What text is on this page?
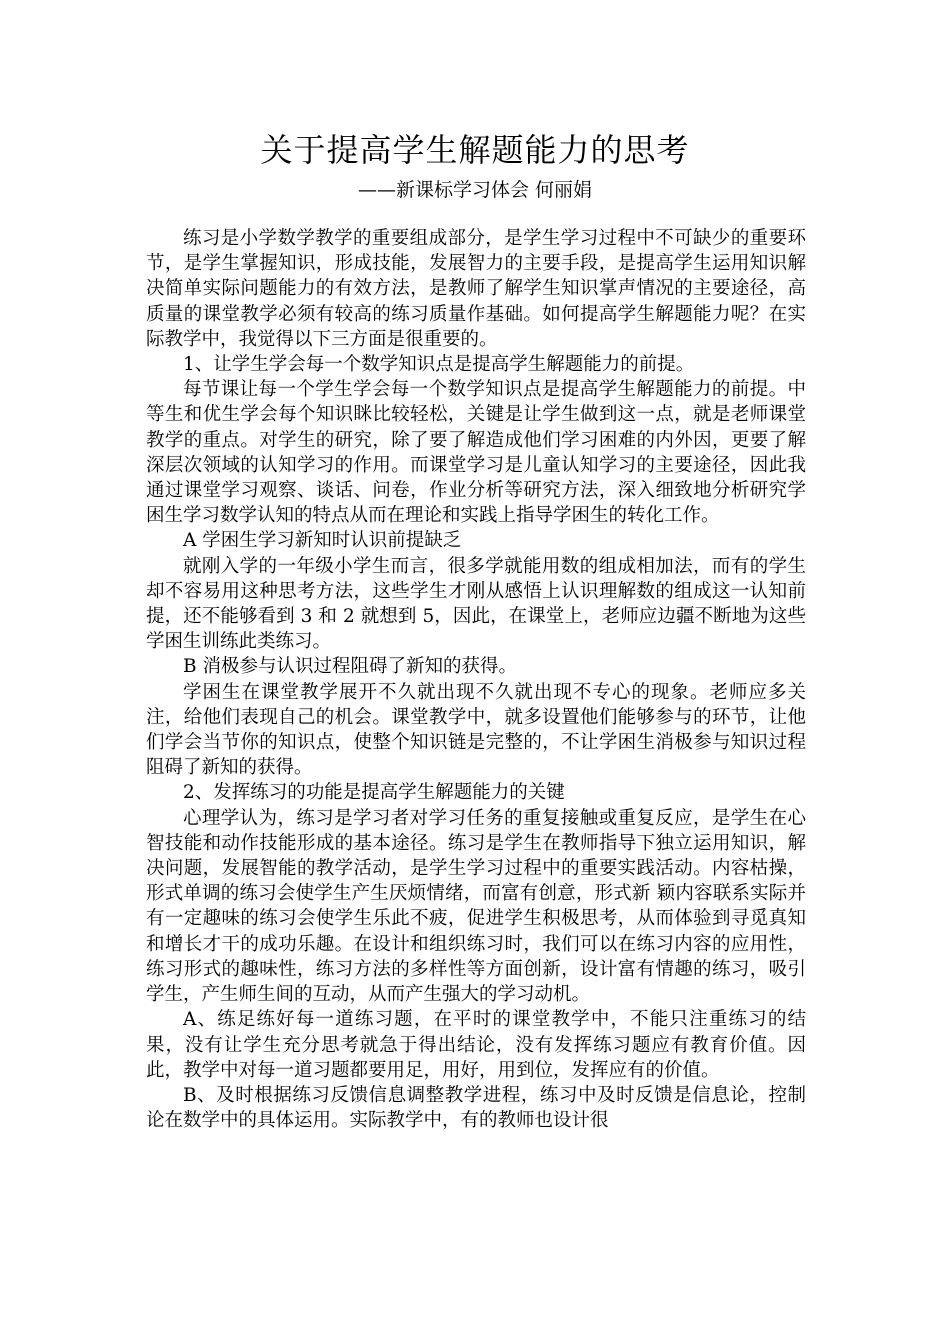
关于提高学生解题能力的思考
——新课标学习体会 何丽娟

练习是小学数学教学的重要组成部分，是学生学习过程中不可缺少的重要环节，是学生掌握知识，形成技能，发展智力的主要手段，是提高学生运用知识解决简单实际问题能力的有效方法，是教师了解学生知识掌声情况的主要途径，高质量的课堂教学必须有较高的练习质量作基础。如何提高学生解题能力呢？在实际教学中，我觉得以下三方面是很重要的。

1、让学生学会每一个数学知识点是提高学生解题能力的前提。

每节课让每一个学生学会每一个数学知识点是提高学生解题能力的前提。中等生和优生学会每个知识眯比较轻松，关键是让学生做到这一点，就是老师课堂教学的重点。对学生的研究，除了要了解造成他们学习困难的内外因，更要了解深层次领域的认知学习的作用。而课堂学习是儿童认知学习的主要途径，因此我通过课堂学习观察、谈话、问卷，作业分析等研究方法，深入细致地分析研究学困生学习数学认知的特点从而在理论和实践上指导学困生的转化工作。

A 学困生学习新知时认识前提缺乏

就刚入学的一年级小学生而言，很多学就能用数的组成相加法，而有的学生却不容易用这种思考方法，这些学生才刚从感悟上认识理解数的组成这一认知前提，还不能够看到 3 和 2 就想到 5，因此，在课堂上，老师应边疆不断地为这些学困生训练此类练习。

B 消极参与认识过程阻碍了新知的获得。

学困生在课堂教学展开不久就出现不久就出现不专心的现象。老师应多关注，给他们表现自己的机会。课堂教学中，就多设置他们能够参与的环节，让他们学会当节你的知识点，使整个知识链是完整的，不让学困生消极参与知识过程阻碍了新知的获得。

2、发挥练习的功能是提高学生解题能力的关键

心理学认为，练习是学习者对学习任务的重复接触或重复反应，是学生在心智技能和动作技能形成的基本途径。练习是学生在教师指导下独立运用知识，解决问题，发展智能的教学活动，是学生学习过程中的重要实践活动。内容枯操，形式单调的练习会使学生产生厌烦情绪，而富有创意，形式新 颖内容联系实际并有一定趣味的练习会使学生乐此不疲，促进学生积极思考，从而体验到寻觅真知和增长才干的成功乐趣。在设计和组织练习时，我们可以在练习内容的应用性，练习形式的趣味性，练习方法的多样性等方面创新，设计富有情趣的练习，吸引学生，产生师生间的互动，从而产生强大的学习动机。

A、练足练好每一道练习题，在平时的课堂教学中，不能只注重练习的结果，没有让学生充分思考就急于得出结论，没有发挥练习题应有教育价值。因此，教学中对每一道习题都要用足，用好，用到位，发挥应有的价值。

B、及时根据练习反馈信息调整教学进程，练习中及时反馈是信息论，控制论在数学中的具体运用。实际教学中，有的教师也设计很
